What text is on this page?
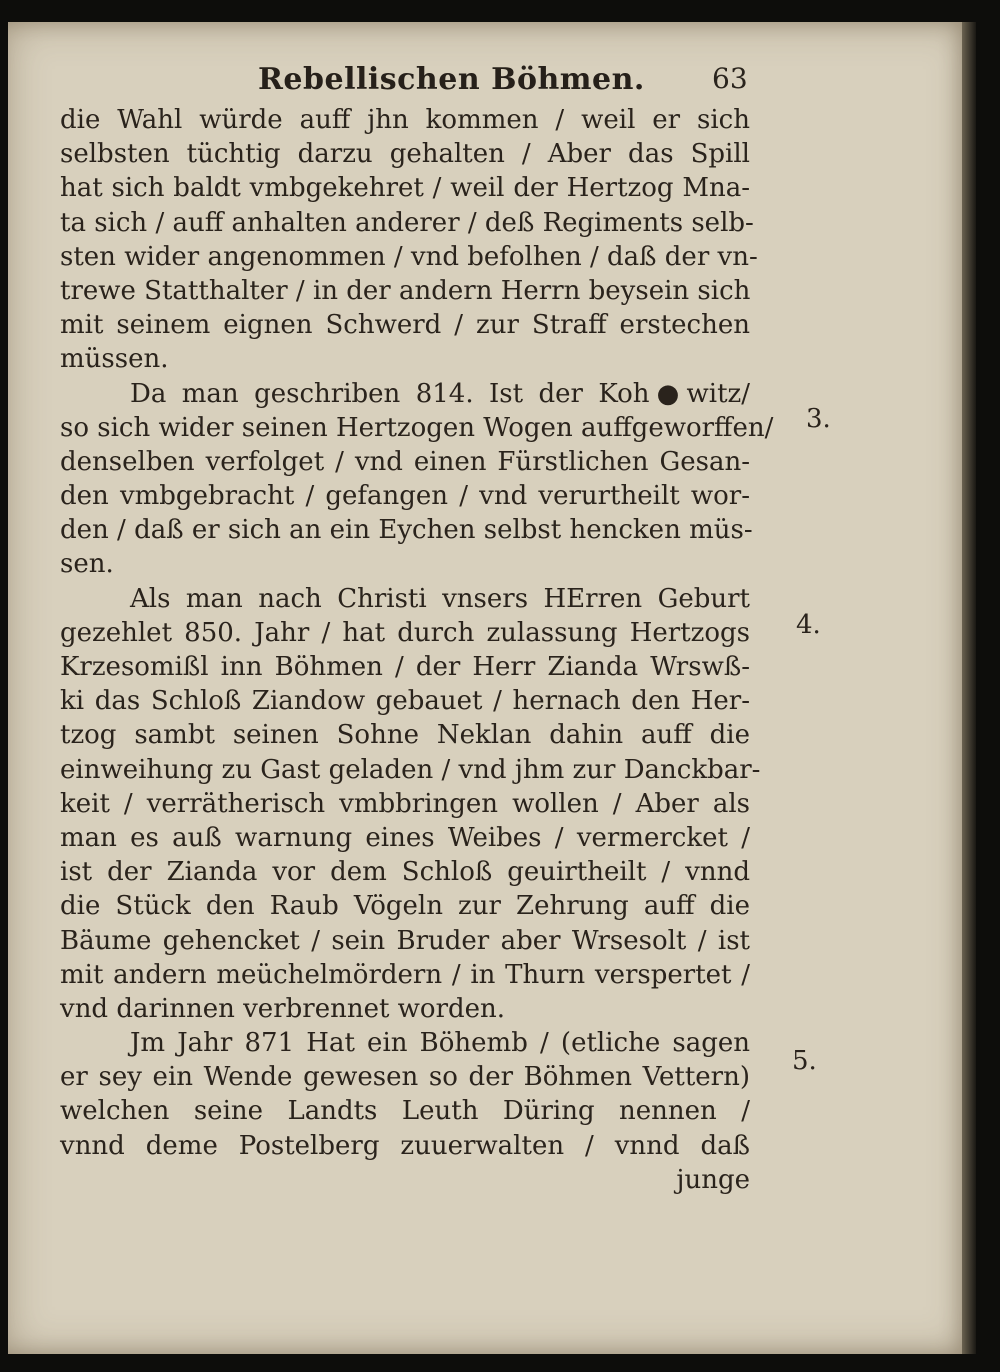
Rebellischen Böhmen. 63
die Wahl würde auff jhn kommen / weil er sich
selbsten tüchtig darzu gehalten / Aber das Spill
hat sich baldt vmbgekehret / weil der Hertzog Mna-
ta sich / auff anhalten anderer / deß Regiments selb-
sten wider angenommen / vnd befolhen / daß der vn-
trewe Statthalter / in der andern Herrn beysein sich
mit seinem eignen Schwerd / zur Straff erstechen
müssen.
Da man geschriben 814. Ist der Koh●witz/
so sich wider seinen Hertzogen Wogen auffgeworffen/
denselben verfolget / vnd einen Fürstlichen Gesan-
den vmbgebracht / gefangen / vnd verurtheilt wor-
den / daß er sich an ein Eychen selbst hencken müs-
sen.
Als man nach Christi vnsers HErren Geburt
gezehlet 850. Jahr / hat durch zulassung Hertzogs
Krzesomißl inn Böhmen / der Herr Zianda Wrswß-
ki das Schloß Ziandow gebauet / hernach den Her-
tzog sambt seinen Sohne Neklan dahin auff die
einweihung zu Gast geladen / vnd jhm zur Danckbar-
keit / verrätherisch vmbbringen wollen / Aber als
man es auß warnung eines Weibes / vermercket /
ist der Zianda vor dem Schloß geuirtheilt / vnnd
die Stück den Raub Vögeln zur Zehrung auff die
Bäume gehencket / sein Bruder aber Wrsesolt / ist
mit andern meüchelmördern / in Thurn verspertet /
vnd darinnen verbrennet worden.
Jm Jahr 871 Hat ein Böhemb / (etliche sagen
er sey ein Wende gewesen so der Böhmen Vettern)
welchen seine Landts Leuth Düring nennen /
vnnd deme Postelberg zuuerwalten / vnnd daß
junge
3.
4.
5.
